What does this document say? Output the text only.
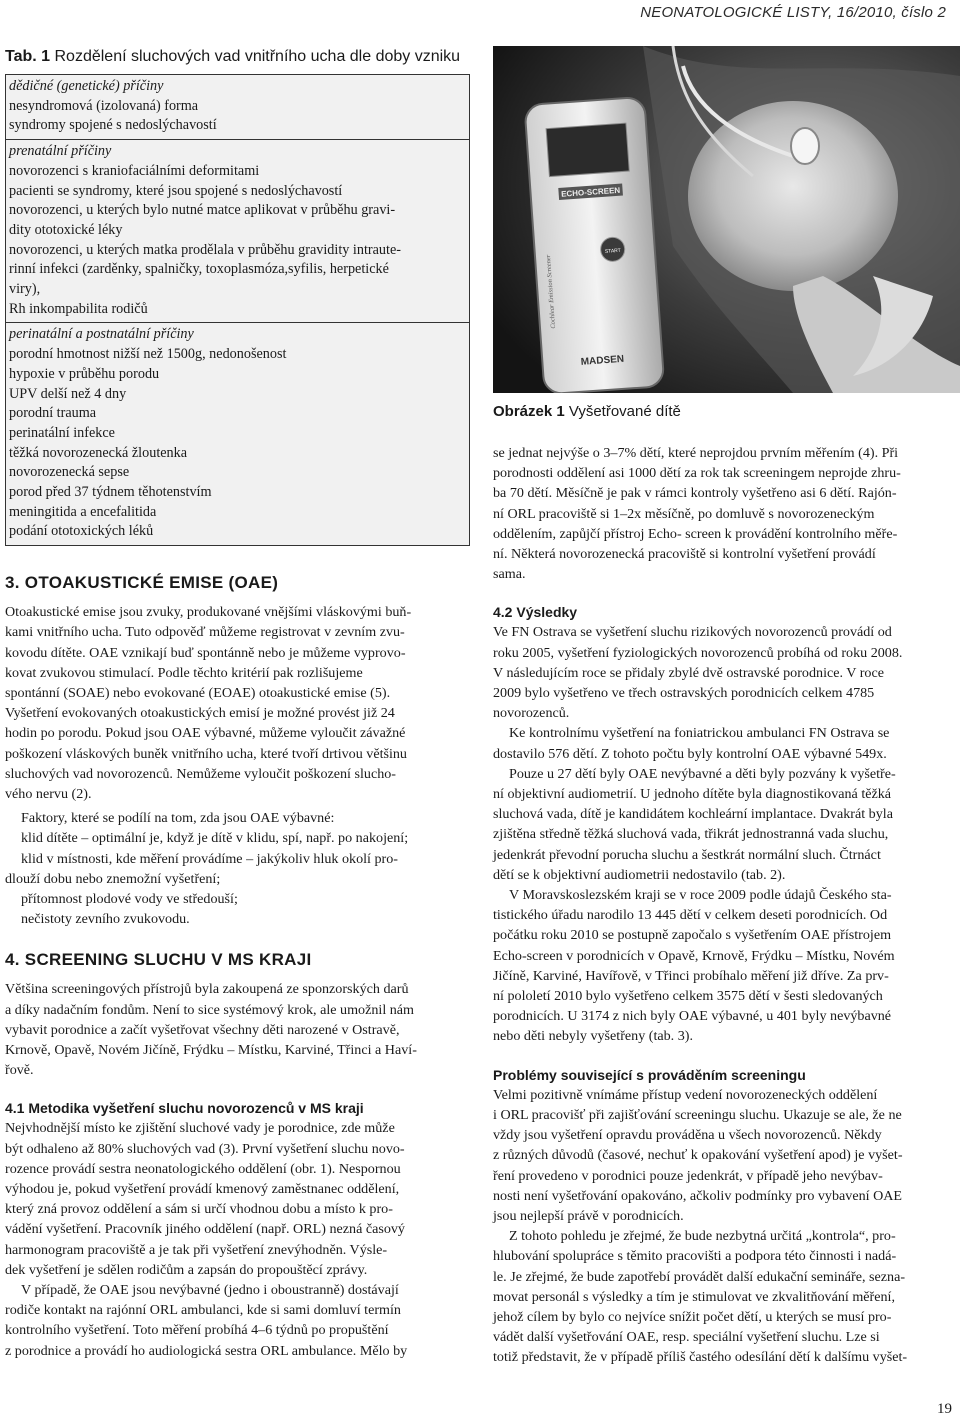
NEONATOLOGICKÉ LISTY, 16/2010, číslo 2
Tab. 1 Rozdělení sluchových vad vnitřního ucha dle doby vzniku
dědičné (genetické) příčiny
nesyndromová (izolovaná) forma
syndromy spojené s nedoslýchavostí
prenatální příčiny
novorozenci s kraniofaciálními deformitami
pacienti se syndromy, které jsou spojené s nedoslýchavostí
novorozenci, u kterých bylo nutné matce aplikovat v průběhu gravi-
dity ototoxické léky
novorozenci, u kterých matka prodělala v průběhu gravidity intraute-
rinní infekci (zarděnky, spalničky, toxoplasmóza,syfilis, herpetické
viry),
Rh inkompabilita rodičů
perinatální a postnatální příčiny
porodní hmotnost nižší než 1500g, nedonošenost
hypoxie v průběhu porodu
UPV delší než 4 dny
porodní trauma
perinatální infekce
těžká novorozenecká žloutenka
novorozenecká sepse
porod před 37 týdnem těhotenstvím
meningitida a encefalitida
podání ototoxických léků
3. OTOAKUSTICKÉ EMISE (OAE)
Otoakustické emise jsou zvuky, produkované vnějšími vláskovými buň-
kami vnitřního ucha. Tuto odpověď můžeme registrovat v zevním zvu-
kovodu dítěte. OAE vznikají buď spontánně nebo je můžeme vyprovo-
kovat zvukovou stimulací. Podle těchto kritérií pak rozlišujeme
spontánní (SOAE) nebo evokované (EOAE) otoakustické emise (5).
Vyšetření evokovaných otoakustických emisí je možné provést již 24
hodin po porodu. Pokud jsou OAE výbavné, můžeme vyloučit závažné
poškození vláskových buněk vnitřního ucha, které tvoří drtivou většinu
sluchových vad novorozenců. Nemůžeme vyloučit poškození slucho-
vého nervu (2).
Faktory, které se podílí na tom, zda jsou OAE výbavné:
klid dítěte – optimální je, když je dítě v klidu, spí, např. po nakojení;
klid v místnosti, kde měření provádíme – jakýkoliv hluk okolí pro-
dlouží dobu nebo znemožní vyšetření;
přítomnost plodové vody ve středouší;
nečistoty zevního zvukovodu.
4. SCREENING SLUCHU V MS KRAJI
Většina screeningových přístrojů byla zakoupená ze sponzorských darů
a díky nadačním fondům. Není to sice systémový krok, ale umožnil nám
vybavit porodnice a začít vyšetřovat všechny děti narozené v Ostravě,
Krnově, Opavě, Novém Jičíně, Frýdku – Místku, Karviné, Třinci a Haví-
řově.
4.1 Metodika vyšetření sluchu novorozenců v MS kraji
Nejvhodnější místo ke zjištění sluchové vady je porodnice, zde může
být odhaleno až 80% sluchových vad (3). První vyšetření sluchu novo-
rozence provádí sestra neonatologického oddělení (obr. 1). Nespornou
výhodou je, pokud vyšetření provádí kmenový zaměstnanec oddělení,
který zná provoz oddělení a sám si určí vhodnou dobu a místo k pro-
vádění vyšetření. Pracovník jiného oddělení (např. ORL) nezná časový
harmonogram pracoviště a je tak při vyšetření znevýhodněn. Výsle-
dek vyšetření je sdělen rodičům a zapsán do propouštěcí zprávy.
V případě, že OAE jsou nevýbavné (jedno i oboustranně) dostávají
rodiče kontakt na rajónní ORL ambulanci, kde si sami domluví termín
kontrolního vyšetření. Toto měření probíhá 4–6 týdnů po propuštění
z porodnice a provádí ho audiologická sestra ORL ambulance. Mělo by
ECHO-SCREEN
START
MADSEN
Cochlear Emission Screener
Obrázek 1 Vyšetřované dítě
se jednat nejvýše o 3–7% dětí, které neprojdou prvním měřením (4). Při
porodnosti oddělení asi 1000 dětí za rok tak screeningem neprojde zhru-
ba 70 dětí. Měsíčně je pak v rámci kontroly vyšetřeno asi 6 dětí. Rajón-
ní ORL pracoviště si 1–2x měsíčně, po domluvě s novorozeneckým
oddělením, zapůjčí přístroj Echo- screen k provádění kontrolního měře-
ní. Některá novorozenecká pracoviště si kontrolní vyšetření provádí
sama.
4.2 Výsledky
Ve FN Ostrava se vyšetření sluchu rizikových novorozenců provádí od
roku 2005, vyšetření fyziologických novorozenců probíhá od roku 2008.
V následujícím roce se přidaly zbylé dvě ostravské porodnice. V roce
2009 bylo vyšetřeno ve třech ostravských porodnicích celkem 4785
novorozenců.
Ke kontrolnímu vyšetření na foniatrickou ambulanci FN Ostrava se
dostavilo 576 dětí. Z tohoto počtu byly kontrolní OAE výbavné 549x.
Pouze u 27 dětí byly OAE nevýbavné a děti byly pozvány k vyšetře-
ní objektivní audiometrií. U jednoho dítěte byla diagnostikovaná těžká
sluchová vada, dítě je kandidátem kochleární implantace. Dvakrát byla
zjištěna středně těžká sluchová vada, třikrát jednostranná vada sluchu,
jedenkrát převodní porucha sluchu a šestkrát normální sluch. Čtrnáct
dětí se k objektivní audiometrii nedostavilo (tab. 2).
V Moravskoslezském kraji se v roce 2009 podle údajů Českého sta-
tistického úřadu narodilo 13 445 dětí v celkem deseti porodnicích. Od
počátku roku 2010 se postupně započalo s vyšetřením OAE přístrojem
Echo-screen v porodnicích v Opavě, Krnově, Frýdku – Místku, Novém
Jičíně, Karviné, Havířově, v Třinci probíhalo měření již dříve. Za prv-
ní pololetí 2010 bylo vyšetřeno celkem 3575 dětí v šesti sledovaných
porodnicích. U 3174 z nich byly OAE výbavné, u 401 byly nevýbavné
nebo děti nebyly vyšetřeny (tab. 3).
Problémy související s prováděním screeningu
Velmi pozitivně vnímáme přístup vedení novorozeneckých oddělení
i ORL pracovišť při zajišťování screeningu sluchu. Ukazuje se ale, že ne
vždy jsou vyšetření opravdu prováděna u všech novorozenců. Někdy
z různých důvodů (časové, nechuť k opakování vyšetření apod) je vyšet-
ření provedeno v porodnici pouze jedenkrát, v případě jeho nevýbav-
nosti není vyšetřování opakováno, ačkoliv podmínky pro vybavení OAE
jsou nejlepší právě v porodnicích.
Z tohoto pohledu je zřejmé, že bude nezbytná určitá „kontrola“, pro-
hlubování spolupráce s těmito pracovišti a podpora této činnosti i nadá-
le. Je zřejmé, že bude zapotřebí provádět další edukační semináře, sezna-
movat personál s výsledky a tím je stimulovat ve zkvalitňování měření,
jehož cílem by bylo co nejvíce snížit počet dětí, u kterých se musí pro-
vádět další vyšetřování OAE, resp. speciální vyšetření sluchu. Lze si
totiž představit, že v případě příliš častého odesílání dětí k dalšímu vyšet-
19
